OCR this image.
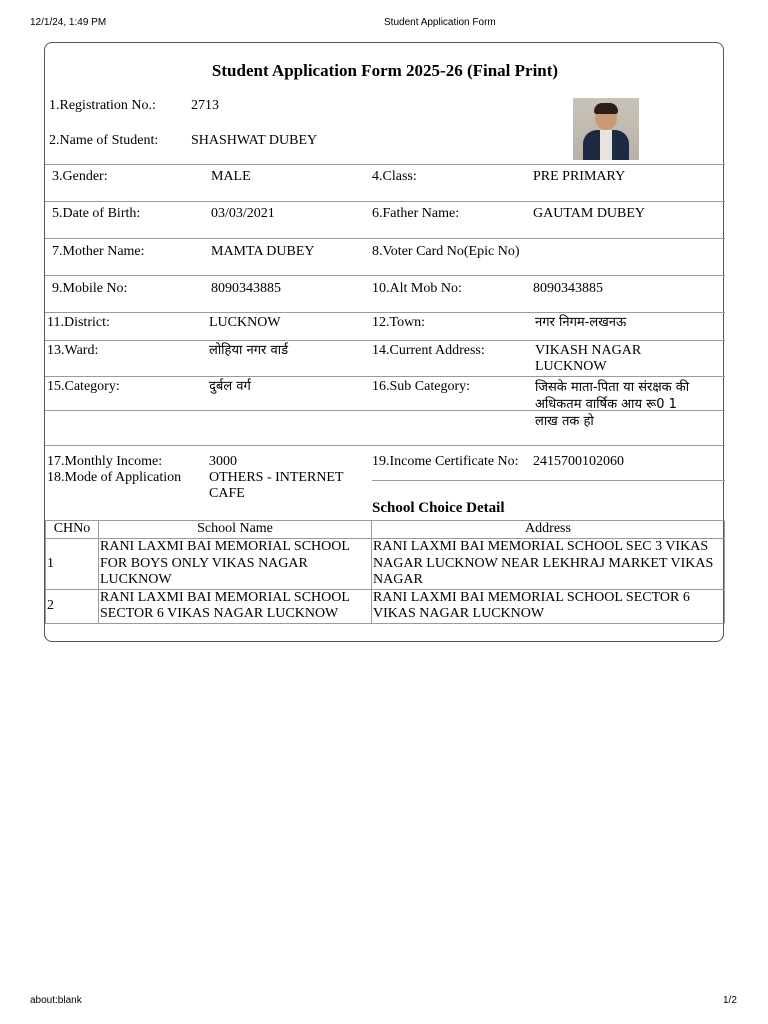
12/1/24, 1:49 PM	Student Application Form
Student Application Form 2025-26 (Final Print)
1.Registration No.:	2713
2.Name of Student: SHASHWAT DUBEY
3.Gender:	MALE	4.Class:	PRE PRIMARY
5.Date of Birth:	03/03/2021	6.Father Name:	GAUTAM DUBEY
7.Mother Name:	MAMTA DUBEY	8.Voter Card No(Epic No)
9.Mobile No:	8090343885	10.Alt Mob No:	8090343885
11.District:	LUCKNOW	12.Town:	नगर निगम-लखनऊ
13.Ward:	लोहिया नगर वार्ड	14.Current Address:	VIKASH NAGAR LUCKNOW
15.Category:	दुर्बल वर्ग	16.Sub Category:	जिसके माता-पिता या संरक्षक की अधिकतम वार्षिक आय रू0 1 लाख तक हो
17.Monthly Income:	3000	19.Income Certificate No: 2415700102060
18.Mode of Application OTHERS - INTERNET CAFE
School Choice Detail
CHNo	School Name	Address
1	RANI LAXMI BAI MEMORIAL SCHOOL FOR BOYS ONLY VIKAS NAGAR LUCKNOW	RANI LAXMI BAI MEMORIAL SCHOOL SEC 3 VIKAS NAGAR LUCKNOW NEAR LEKHRAJ MARKET VIKAS NAGAR
2	RANI LAXMI BAI MEMORIAL SCHOOL SECTOR 6 VIKAS NAGAR LUCKNOW	RANI LAXMI BAI MEMORIAL SCHOOL SECTOR 6 VIKAS NAGAR LUCKNOW
about:blank	1/2
